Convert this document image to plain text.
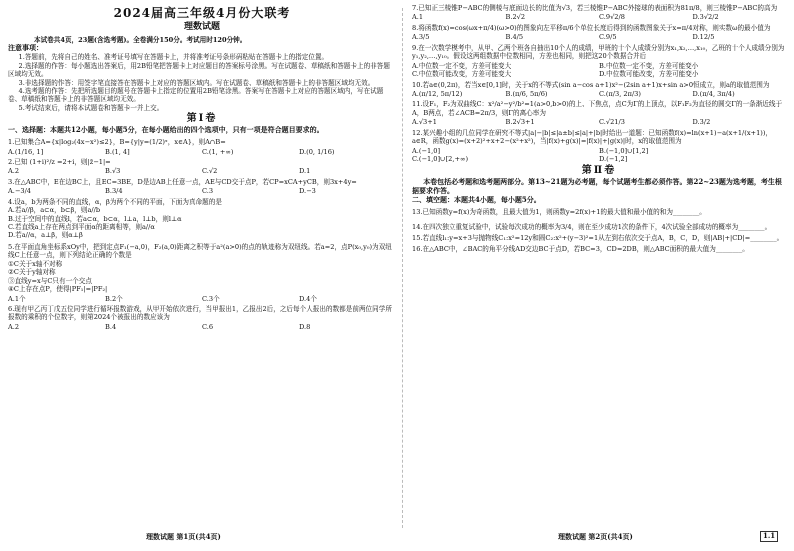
2024届高三年级4月份大联考
理数试题
本试卷共4页，23题(含选考题)。全卷满分150分。考试用时120分钟。
注意事项：

1.答题前，先将自己的姓名、准考证号填写在答题卡上，并将准考证号条形码粘贴在答题卡上的指定位置。

2.选择题的作答：每小题选出答案后，用2B铅笔把答题卡上对应题目的答案标号涂黑。写在试题卷、草稿纸和答题卡上的非答题区域均无效。

3.非选择题的作答：用签字笔直接答在答题卡上对应的答题区域内。写在试题卷、草稿纸和答题卡上的非答题区域均无效。

4.选考题的作答：先把所选题目的题号在答题卡上指定的位置用2B铅笔涂黑。答案写在答题卡上对应的答题区域内，写在试题卷、草稿纸和答题卡上的非答题区域均无效。

5.考试结束后，请将本试题卷和答题卡一并上交。

第Ⅰ卷
一、选择题：本题共12小题，每小题5分，在每小题给出的四个选项中，只有一项是符合题目要求的。

1.已知集合A={x|log₂(4x−x²)≤2}，B={y|y=(1/2)ˣ，x∈A}，则A∩B=

A.(1/16, 1]	B.(1, 4]	C.(1, +∞)	D.(0, 1/16)

2.已知 (1+i)²/z =2+i，则|z̄−1|=

A.2	B.√3	C.√2	D.1

3.在△ABC中，E在边BC上，且EC=3BE，D是边AB上任意一点，AE与CD交于点P，若CP=xCA+yCB，则3x+4y=

A.−3/4	B.3/4	C.3	D.−3

4.设a，b为两条不同的直线，α，β为两个不同的平面，下面为真命题的是

A.若a//β，a⊂α，b⊂β，则a//b
B.过于空间中的直线l，若a⊂α，b⊂α，l⊥a，l⊥b，则l⊥α
C.若直线a上存在两点到平面α的距离相等，则a//α
D.若a//α，a⊥β，则α⊥β

5.在平面直角坐标系xOy中，把到定点F₁(−a,0)，F₂(a,0)距离之积等于a²(a>0)的点的轨迹称为双纽线。若a=2，点P(x₀,y₀)为双纽线C上任意一点，则下列结论正确的个数是

①C关于x轴不对称
②C关于y轴对称
③直线y=x与C只有一个交点
④C上存在点P，使得|PF₁|=|PF₂|
A.1个	B.2个	C.3个	D.4个

6.现有甲乙丙丁戊五位同学进行循环报数游戏，从甲开始依次进行，当甲报出1，乙报出2后，之后每个人报出的数都是前两位同学所报数的乘积的个位数字，则第2024个被报出的数应该为

A.2	B.4	C.6	D.8

7.已知正三棱锥P−ABC的侧棱与底面边长的比值为√3，若三棱锥P−ABC外接球的表面积为81π/8，则三棱锥P−ABC的高为

A.1	B.2√2	C.9√2/8	D.3√2/2

8.将函数f(x)=cos(ωx+π/4)(ω>0)的图象向左平移π/6个单位长度后得到的函数图象关于x=π/4对称，则实数ω的最小值为

A.3/5	B.4/5	C.9/5	D.12/5

9.在一次数学模考中，从甲、乙两个班各自抽出10个人的成绩，甲班的十个人成绩分别为x₁,x₂,…,x₁₀，乙班的十个人成绩分别为y₁,y₂,…,y₁₀。假设这两组数据中位数相同，方差也相同，则把这20个数据合并后

A.中位数一定不变，方差可能变大	B.中位数一定不变，方差可能变小
C.中位数可能改变，方差可能变大	D.中位数可能改变，方差可能变小

10.若a∈(0,2π)，若当x∈[0,1]时，关于x的不等式(sin a−cos a+1)x²−(2sin a+1)x+sin a>0恒成立，则a的取值范围为

A.(π/12, 5π/12)	B.(π/6, 5π/6)	C.(π/3, 2π/3)	D.(π/4, 3π/4)

11.设F₁，F₂为双曲线C：x²/a²−y²/b²=1(a>0,b>0)的上、下焦点，点C为Γ的上顶点，以F₁F₂为直径的圆交Γ的一条渐近线于A，B两点，若∠ACB=2π/3，则Γ的离心率为

A.√3+1	B.2√3+1	C.√21/3	D.3/2

12.某兴趣小组的几位同学在研究不等式|a|−|b|≤|a±b|≤|a|+|b|时给出一道题：已知函数f(x)=ln(x+1)−a(x+1/(x+1))，a∈R，函数g(x)=(x+2)²+x+2−(x²+x²)，当|f(x)+g(x)|=|f(x)|+|g(x)|时，x的取值范围为

A.(−1,0]	B.(−1,0]∪[1,2]
C.(−1,0]∪[2,+∞)	D.(−1,2]
第Ⅱ卷

本卷包括必考题和选考题两部分。第13~21题为必考题，每个试题考生都必须作答。第22~23题为选考题，考生根据要求作答。

二、填空题：本题共4小题，每小题5分。

13.已知函数y=f(x)为奇函数，且最大值为1，则函数y=2f(x)+1的最大值和最小值的和为________。

14.在四次独立重复试验中，试验每次成功的概率为3/4，则在至少成功1次的条件下，4次试验全部成功的概率为________。

15.若直线l₁:y=x+3与抛物线C₁:x²=12y和圆C₂:x²+(y−3)²=1从左到右依次交于点A，B，C，D，则|AB|+|CD|=________。

16.在△ABC中，∠BAC的角平分线AD交边BC于点D，若BC=3，CD=2DB，则△ABC面积的最大值为________。

理数试题 第1页(共4页)	理数试题 第2页(共4页)	1.1
